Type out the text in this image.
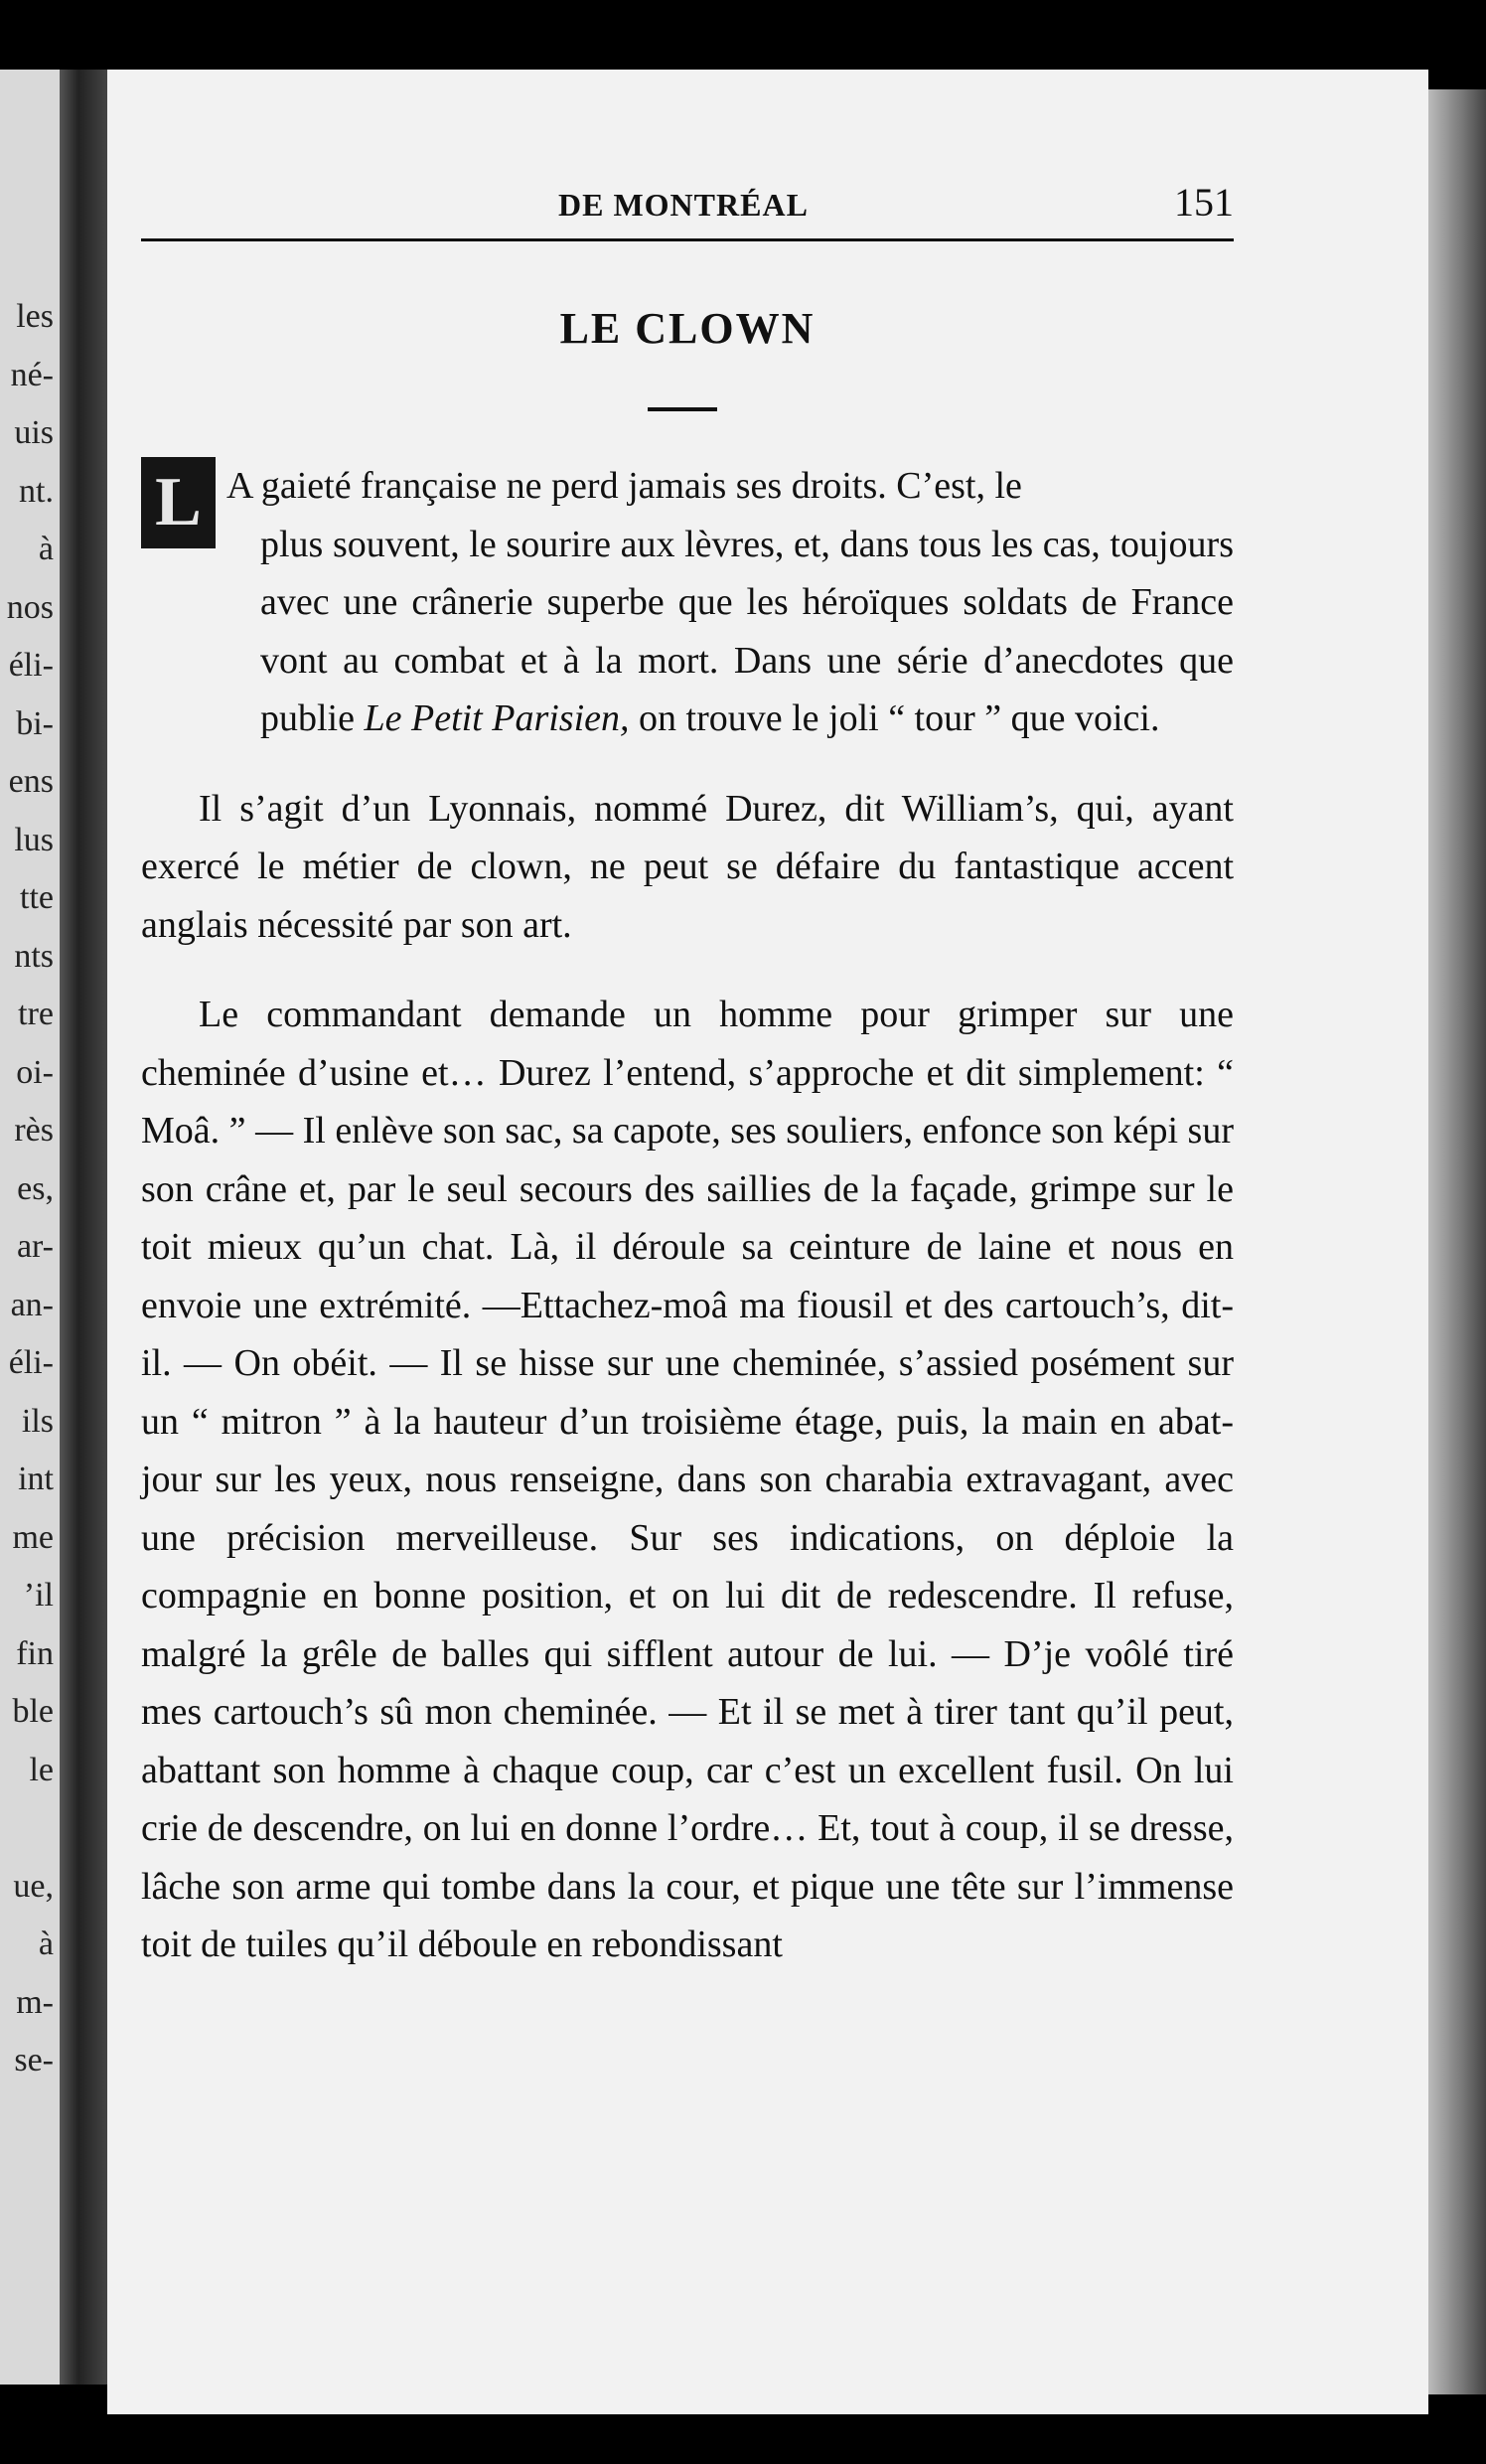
les
né-
uis
nt.
à
nos
éli-
bi-
ens
lus
tte
nts
tre
oi-
rès
es,
ar-
an-
éli-
ils
int
me
’il
fin
ble
le
ue,
à
m-
se-
DE MONTRÉAL	151
LE CLOWN
L A gaieté française ne perd jamais ses droits. C’est, le
plus souvent, le sourire aux lèvres, et, dans tous les cas, toujours avec une crânerie superbe que les héroïques soldats de France vont au combat et à la mort. Dans une série d’anecdotes que publie Le Petit Parisien, on trouve le joli “ tour ” que voici.

Il s’agit d’un Lyonnais, nommé Durez, dit William’s, qui, ayant exercé le métier de clown, ne peut se défaire du fantastique accent anglais nécessité par son art.

Le commandant demande un homme pour grimper sur une cheminée d’usine et… Durez l’entend, s’approche et dit simplement: “ Moâ. ” — Il enlève son sac, sa capote, ses souliers, enfonce son képi sur son crâne et, par le seul secours des saillies de la façade, grimpe sur le toit mieux qu’un chat. Là, il déroule sa ceinture de laine et nous en envoie une extrémité. —Ettachez-moâ ma fiousil et des cartouch’s, dit-il. — On obéit. — Il se hisse sur une cheminée, s’assied posément sur un “ mitron ” à la hauteur d’un troisième étage, puis, la main en abat-jour sur les yeux, nous renseigne, dans son charabia extravagant, avec une précision merveilleuse. Sur ses indications, on déploie la compagnie en bonne position, et on lui dit de redescendre. Il refuse, malgré la grêle de balles qui sifflent autour de lui. — D’je voôlé tiré mes cartouch’s sû mon cheminée. — Et il se met à tirer tant qu’il peut, abattant son homme à chaque coup, car c’est un excellent fusil. On lui crie de descendre, on lui en donne l’ordre… Et, tout à coup, il se dresse, lâche son arme qui tombe dans la cour, et pique une tête sur l’immense toit de tuiles qu’il déboule en rebondissant
